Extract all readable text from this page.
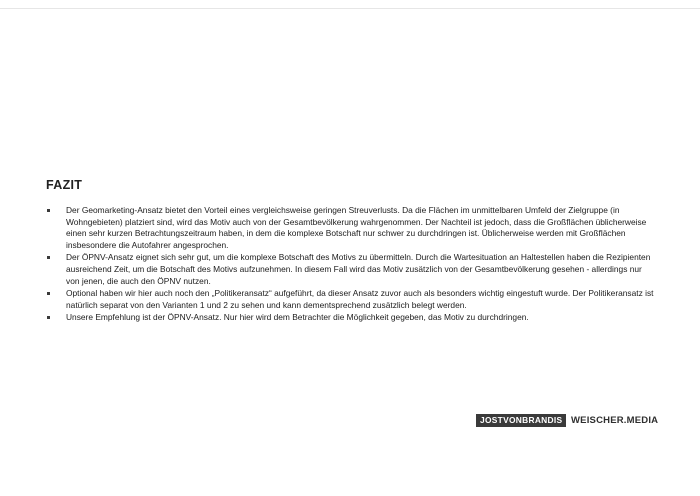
FAZIT
Der Geomarketing-Ansatz bietet den Vorteil eines vergleichsweise geringen Streuverlusts. Da die Flächen im unmittelbaren Umfeld der Zielgruppe (in Wohngebieten) platziert sind, wird das Motiv auch von der Gesamtbevölkerung wahrgenommen. Der Nachteil ist jedoch, dass die Großflächen üblicherweise einen sehr kurzen Betrachtungszeitraum haben, in dem die komplexe Botschaft nur schwer zu durchdringen ist. Üblicherweise werden mit Großflächen insbesondere die Autofahrer angesprochen.
Der ÖPNV-Ansatz eignet sich sehr gut, um die komplexe Botschaft des Motivs zu übermitteln. Durch die Wartesituation an Haltestellen haben die Rezipienten ausreichend Zeit, um die Botschaft des Motivs aufzunehmen. In diesem Fall wird das Motiv zusätzlich von der Gesamtbevölkerung gesehen - allerdings nur von jenen, die auch den ÖPNV nutzen.
Optional haben wir hier auch noch den „Politikeransatz“ aufgeführt, da dieser Ansatz zuvor auch als besonders wichtig eingestuft wurde. Der Politikeransatz ist natürlich separat von den Varianten 1 und 2 zu sehen und kann dementsprechend zusätzlich belegt werden.
Unsere Empfehlung ist der ÖPNV-Ansatz. Nur hier wird dem Betrachter die Möglichkeit gegeben, das Motiv zu durchdringen.
JOSTVONBRANDIS WEISCHER.MEDIA
